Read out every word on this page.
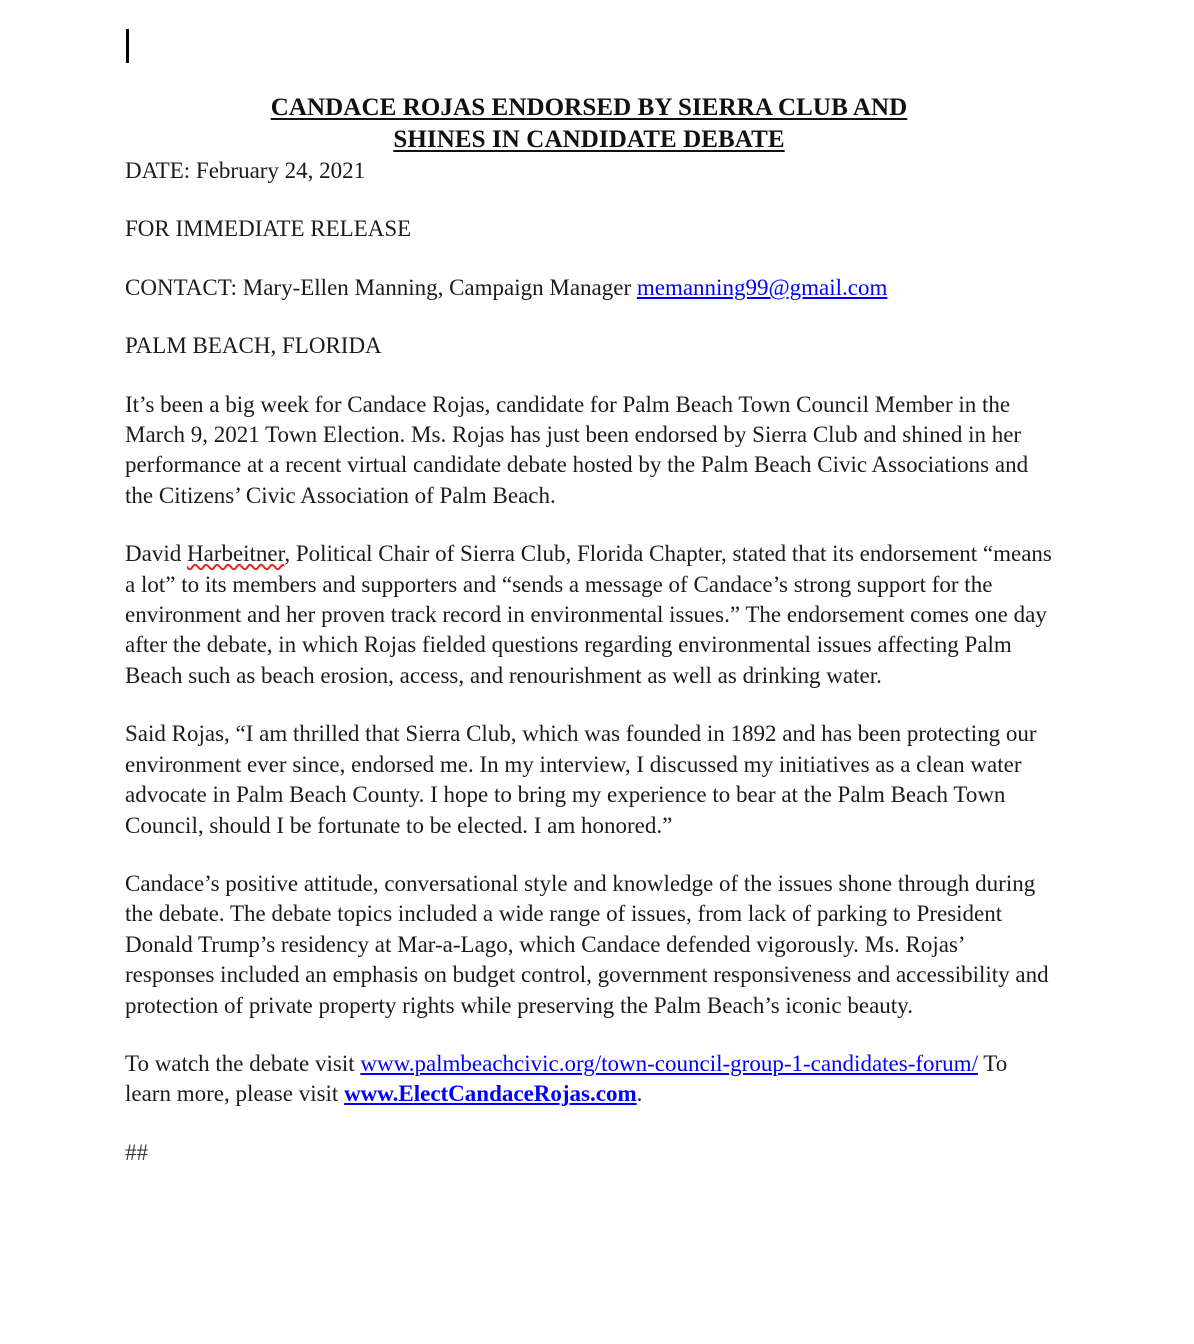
CANDACE ROJAS ENDORSED BY SIERRA CLUB AND
SHINES IN CANDIDATE DEBATE

DATE: February 24, 2021

FOR IMMEDIATE RELEASE

CONTACT: Mary-Ellen Manning, Campaign Manager memanning99@gmail.com

PALM BEACH, FLORIDA

It’s been a big week for Candace Rojas, candidate for Palm Beach Town Council Member in the March 9, 2021 Town Election. Ms. Rojas has just been endorsed by Sierra Club and shined in her performance at a recent virtual candidate debate hosted by the Palm Beach Civic Associations and the Citizens’ Civic Association of Palm Beach.

David Harbeitner, Political Chair of Sierra Club, Florida Chapter, stated that its endorsement “means a lot” to its members and supporters and “sends a message of Candace’s strong support for the environment and her proven track record in environmental issues.” The endorsement comes one day after the debate, in which Rojas fielded questions regarding environmental issues affecting Palm Beach such as beach erosion, access, and renourishment as well as drinking water.

Said Rojas, “I am thrilled that Sierra Club, which was founded in 1892 and has been protecting our environment ever since, endorsed me. In my interview, I discussed my initiatives as a clean water advocate in Palm Beach County. I hope to bring my experience to bear at the Palm Beach Town Council, should I be fortunate to be elected. I am honored.”

Candace’s positive attitude, conversational style and knowledge of the issues shone through during the debate. The debate topics included a wide range of issues, from lack of parking to President Donald Trump’s residency at Mar-a-Lago, which Candace defended vigorously. Ms. Rojas’ responses included an emphasis on budget control, government responsiveness and accessibility and protection of private property rights while preserving the Palm Beach’s iconic beauty.

To watch the debate visit www.palmbeachcivic.org/town-council-group-1-candidates-forum/ To learn more, please visit www.ElectCandaceRojas.com.

##
